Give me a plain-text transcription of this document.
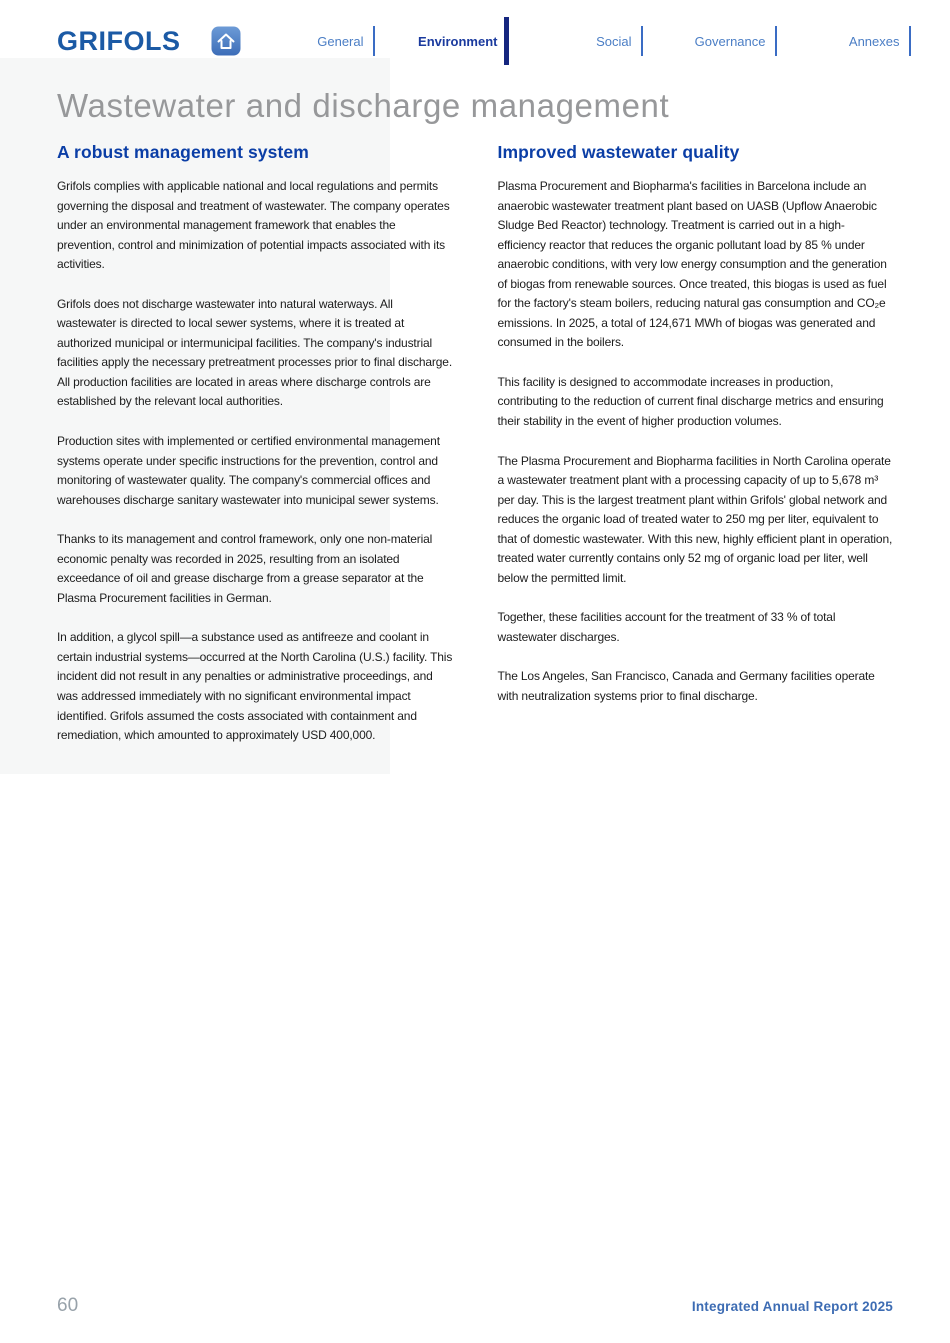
GRIFOLS	General	Environment	Social	Governance	Annexes
Wastewater and discharge management
A robust management system

Grifols complies with applicable national and local regulations and permits governing the disposal and treatment of wastewater. The company operates under an environmental management framework that enables the prevention, control and minimization of potential impacts associated with its activities.

Grifols does not discharge wastewater into natural waterways. All wastewater is directed to local sewer systems, where it is treated at authorized municipal or intermunicipal facilities. The company's industrial facilities apply the necessary pretreatment processes prior to final discharge. All production facilities are located in areas where discharge controls are established by the relevant local authorities.

Production sites with implemented or certified environmental management systems operate under specific instructions for the prevention, control and monitoring of wastewater quality. The company's commercial offices and warehouses discharge sanitary wastewater into municipal sewer systems.

Thanks to its management and control framework, only one non-material economic penalty was recorded in 2025, resulting from an isolated exceedance of oil and grease discharge from a grease separator at the Plasma Procurement facilities in German.

In addition, a glycol spill—a substance used as antifreeze and coolant in certain industrial systems—occurred at the North Carolina (U.S.) facility. This incident did not result in any penalties or administrative proceedings, and was addressed immediately with no significant environmental impact identified. Grifols assumed the costs associated with containment and remediation, which amounted to approximately USD 400,000.

Improved wastewater quality

Plasma Procurement and Biopharma's facilities in Barcelona include an anaerobic wastewater treatment plant based on UASB (Upflow Anaerobic Sludge Bed Reactor) technology. Treatment is carried out in a high-efficiency reactor that reduces the organic pollutant load by 85 % under anaerobic conditions, with very low energy consumption and the generation of biogas from renewable sources. Once treated, this biogas is used as fuel for the factory's steam boilers, reducing natural gas consumption and CO₂e emissions. In 2025, a total of 124,671 MWh of biogas was generated and consumed in the boilers.

This facility is designed to accommodate increases in production, contributing to the reduction of current final discharge metrics and ensuring their stability in the event of higher production volumes.

The Plasma Procurement and Biopharma facilities in North Carolina operate a wastewater treatment plant with a processing capacity of up to 5,678 m³ per day. This is the largest treatment plant within Grifols' global network and reduces the organic load of treated water to 250 mg per liter, equivalent to that of domestic wastewater. With this new, highly efficient plant in operation, treated water currently contains only 52 mg of organic load per liter, well below the permitted limit.

Together, these facilities account for the treatment of 33 % of total wastewater discharges.

The Los Angeles, San Francisco, Canada and Germany facilities operate with neutralization systems prior to final discharge.

60	Integrated Annual Report 2025
